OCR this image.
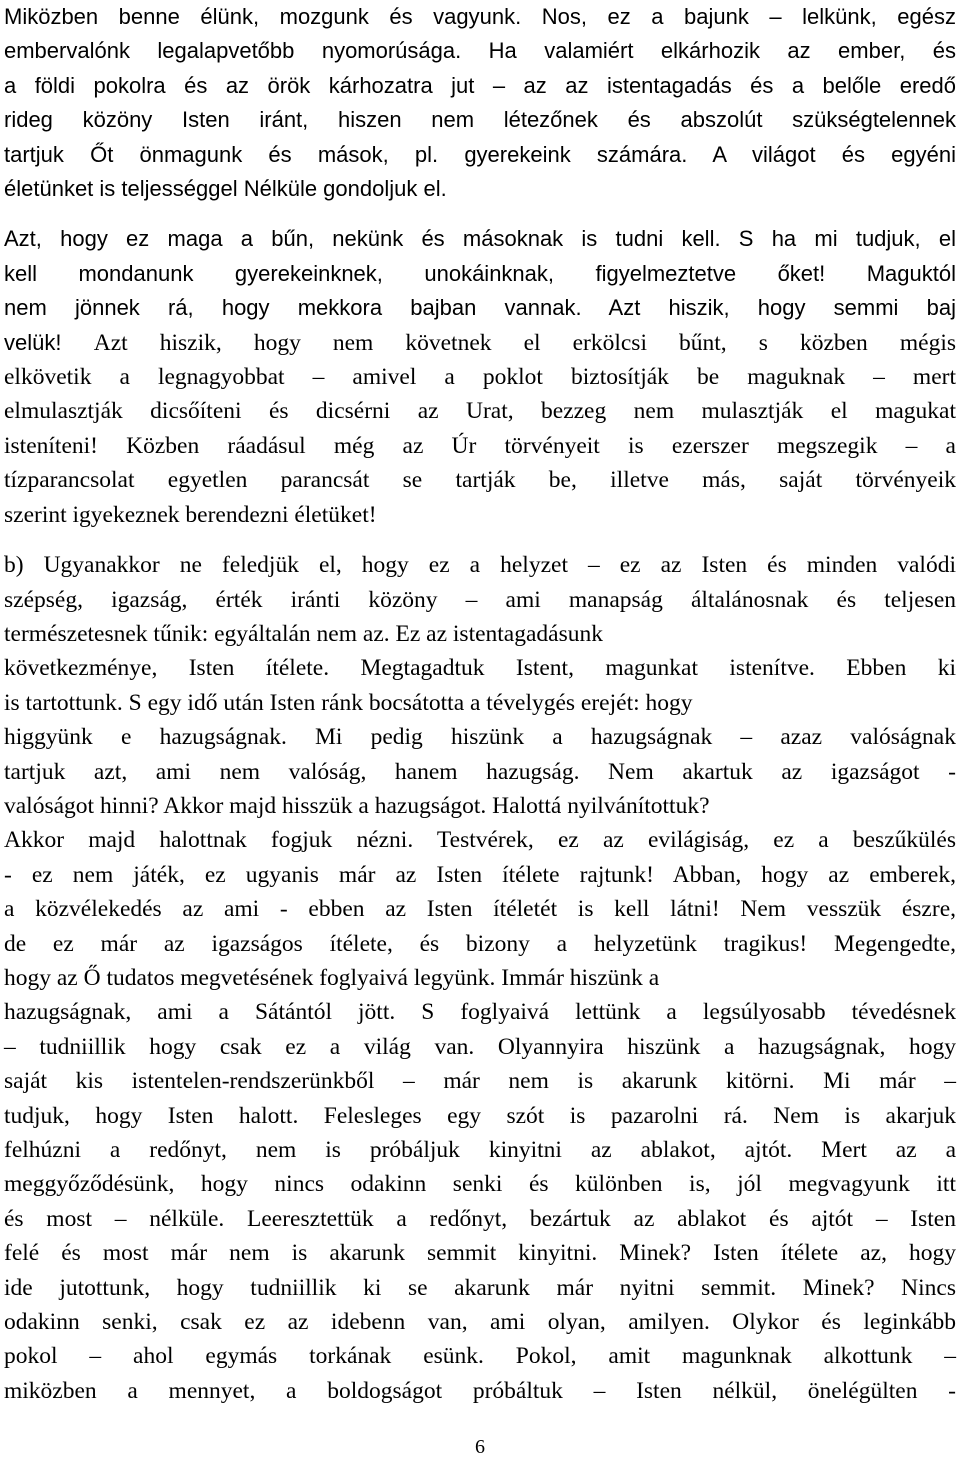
Miközben benne élünk, mozgunk és vagyunk. Nos, ez a bajunk – lelkünk, egész
embervalónk legalapvetőbb nyomorúsága. Ha valamiért elkárhozik az ember, és
a földi pokolra és az örök kárhozatra jut – az az istentagadás és a belőle eredő
rideg közöny Isten iránt, hiszen nem létezőnek és abszolút szükségtelennek
tartjuk Őt önmagunk és mások, pl. gyerekeink számára. A világot és egyéni
életünket is teljességgel Nélküle gondoljuk el.
Azt, hogy ez maga a bűn, nekünk és másoknak is tudni kell. S ha mi tudjuk, el
kell mondanunk gyerekeinknek, unokáinknak, figyelmeztetve őket! Maguktól
nem jönnek rá, hogy mekkora bajban vannak. Azt hiszik, hogy semmi baj
velük! Azt hiszik, hogy nem követnek el erkölcsi bűnt, s közben mégis
elkövetik a legnagyobbat – amivel a poklot biztosítják be maguknak – mert
elmulasztják dicsőíteni és dicsérni az Urat, bezzeg nem mulasztják el magukat
isteníteni! Közben ráadásul még az Úr törvényeit is ezerszer megszegik – a
tízparancsolat egyetlen parancsát se tartják be, illetve más, saját törvényeik
szerint igyekeznek berendezni életüket!
b) Ugyanakkor ne feledjük el, hogy ez a helyzet – ez az Isten és minden valódi
szépség, igazság, érték iránti közöny – ami manapság általánosnak és teljesen
természetesnek tűnik: egyáltalán nem az. Ez az istentagadásunk
következménye, Isten ítélete. Megtagadtuk Istent, magunkat istenítve. Ebben ki
is tartottunk. S egy idő után Isten ránk bocsátotta a tévelygés erejét: hogy
higgyünk e hazugságnak. Mi pedig hiszünk a hazugságnak – azaz valóságnak
tartjuk azt, ami nem valóság, hanem hazugság. Nem akartuk az igazságot -
valóságot hinni? Akkor majd hisszük a hazugságot. Halottá nyilvánítottuk?
Akkor majd halottnak fogjuk nézni. Testvérek, ez az evilágiság, ez a beszűkülés
- ez nem játék, ez ugyanis már az Isten ítélete rajtunk! Abban, hogy az emberek,
a közvélekedés az ami - ebben az Isten ítéletét is kell látni! Nem vesszük észre,
de ez már az igazságos ítélete, és bizony a helyzetünk tragikus! Megengedte,
hogy az Ő tudatos megvetésének foglyaivá legyünk. Immár hiszünk a
hazugságnak, ami a Sátántól jött. S foglyaivá lettünk a legsúlyosabb tévedésnek
– tudniillik hogy csak ez a világ van. Olyannyira hiszünk a hazugságnak, hogy
saját kis istentelen-rendszerünkből – már nem is akarunk kitörni. Mi már –
tudjuk, hogy Isten halott. Felesleges egy szót is pazarolni rá. Nem is akarjuk
felhúzni a redőnyt, nem is próbáljuk kinyitni az ablakot, ajtót. Mert az a
meggyőződésünk, hogy nincs odakinn senki és különben is, jól megvagyunk itt
és most – nélküle. Leeresztettük a redőnyt, bezártuk az ablakot és ajtót – Isten
felé és most már nem is akarunk semmit kinyitni. Minek? Isten ítélete az, hogy
ide jutottunk, hogy tudniillik ki se akarunk már nyitni semmit. Minek? Nincs
odakinn senki, csak ez az idebenn van, ami olyan, amilyen. Olykor és leginkább
pokol – ahol egymás torkának esünk. Pokol, amit magunknak alkottunk –
miközben a mennyet, a boldogságot próbáltuk – Isten nélkül, önelégülten -
6
